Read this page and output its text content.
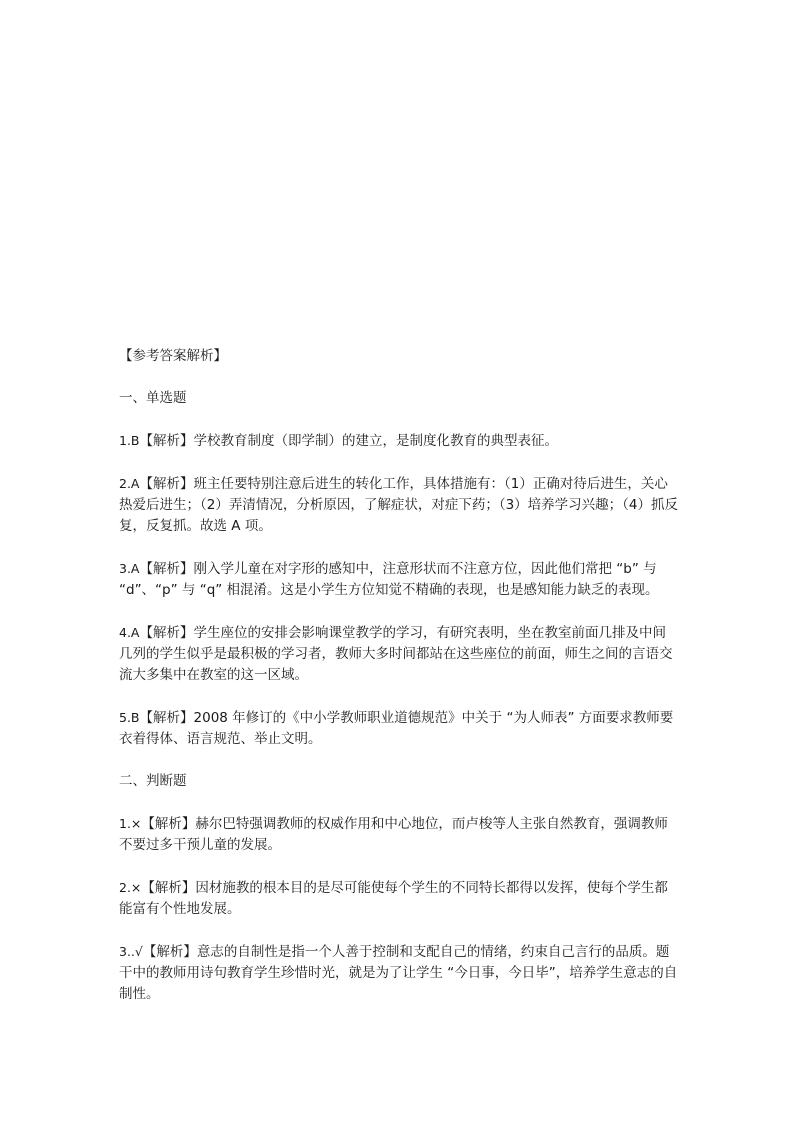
【参考答案解析】

一、单选题

1.B【解析】学校教育制度（即学制）的建立，是制度化教育的典型表征。

2.A【解析】班主任要特别注意后进生的转化工作，具体措施有：（1）正确对待后进生，关心热爱后进生；（2）弄清情况，分析原因，了解症状，对症下药；（3）培养学习兴趣；（4）抓反复，反复抓。故选 A 项。

3.A【解析】刚入学儿童在对字形的感知中，注意形状而不注意方位，因此他们常把 “b” 与 “d”、“p” 与 “q” 相混淆。这是小学生方位知觉不精确的表现，也是感知能力缺乏的表现。

4.A【解析】学生座位的安排会影响课堂教学的学习，有研究表明，坐在教室前面几排及中间几列的学生似乎是最积极的学习者，教师大多时间都站在这些座位的前面，师生之间的言语交流大多集中在教室的这一区域。

5.B【解析】2008 年修订的《中小学教师职业道德规范》中关于 “为人师表” 方面要求教师要衣着得体、语言规范、举止文明。

二、判断题

1.×【解析】赫尔巴特强调教师的权威作用和中心地位，而卢梭等人主张自然教育，强调教师不要过多干预儿童的发展。

2.×【解析】因材施教的根本目的是尽可能使每个学生的不同特长都得以发挥，使每个学生都能富有个性地发展。

3..√【解析】意志的自制性是指一个人善于控制和支配自己的情绪，约束自己言行的品质。题干中的教师用诗句教育学生珍惜时光，就是为了让学生 “今日事，今日毕”，培养学生意志的自制性。
